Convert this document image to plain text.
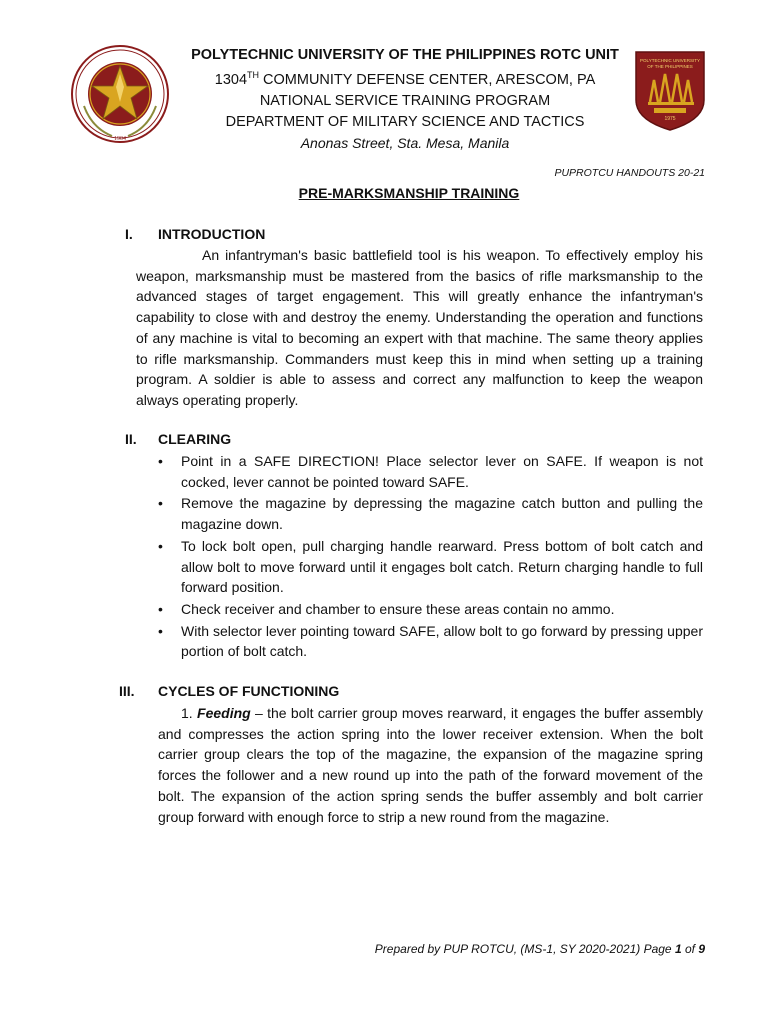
1904
POLYTECHNIC UNIVERSITY OF THE PHILIPPINES ROTC UNIT
1304TH COMMUNITY DEFENSE CENTER, ARESCOM, PA
NATIONAL SERVICE TRAINING PROGRAM
DEPARTMENT OF MILITARY SCIENCE AND TACTICS
Anonas Street, Sta. Mesa, Manila
POLYTECHNIC UNIVERSITY
OF THE PHILIPPINES
1975
PUPROTCU HANDOUTS 20-21
PRE-MARKSMANSHIP TRAINING
I. INTRODUCTION
An infantryman's basic battlefield tool is his weapon. To effectively employ his weapon, marksmanship must be mastered from the basics of rifle marksmanship to the advanced stages of target engagement. This will greatly enhance the infantryman's capability to close with and destroy the enemy. Understanding the operation and functions of any machine is vital to becoming an expert with that machine. The same theory applies to rifle marksmanship. Commanders must keep this in mind when setting up a training program. A soldier is able to assess and correct any malfunction to keep the weapon always operating properly.
II. CLEARING
• Point in a SAFE DIRECTION! Place selector lever on SAFE. If weapon is not cocked, lever cannot be pointed toward SAFE.
• Remove the magazine by depressing the magazine catch button and pulling the magazine down.
• To lock bolt open, pull charging handle rearward. Press bottom of bolt catch and allow bolt to move forward until it engages bolt catch. Return charging handle to full forward position.
• Check receiver and chamber to ensure these areas contain no ammo.
• With selector lever pointing toward SAFE, allow bolt to go forward by pressing upper portion of bolt catch.
III. CYCLES OF FUNCTIONING
1. Feeding – the bolt carrier group moves rearward, it engages the buffer assembly and compresses the action spring into the lower receiver extension. When the bolt carrier group clears the top of the magazine, the expansion of the magazine spring forces the follower and a new round up into the path of the forward movement of the bolt. The expansion of the action spring sends the buffer assembly and bolt carrier group forward with enough force to strip a new round from the magazine.
Prepared by PUP ROTCU, (MS-1, SY 2020-2021) Page 1 of 9
